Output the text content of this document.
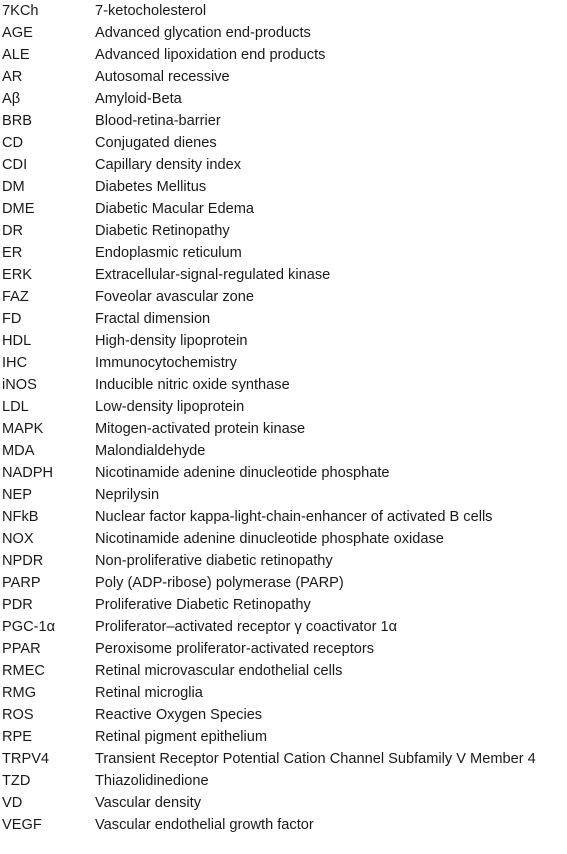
7KCh	7-ketocholesterol
AGE	Advanced glycation end-products
ALE	Advanced lipoxidation end products
AR	Autosomal recessive
Aβ	Amyloid-Beta
BRB	Blood-retina-barrier
CD	Conjugated dienes
CDI	Capillary density index
DM	Diabetes Mellitus
DME	Diabetic Macular Edema
DR	Diabetic Retinopathy
ER	Endoplasmic reticulum
ERK	Extracellular-signal-regulated kinase
FAZ	Foveolar avascular zone
FD	Fractal dimension
HDL	High-density lipoprotein
IHC	Immunocytochemistry
iNOS	Inducible nitric oxide synthase
LDL	Low-density lipoprotein
MAPK	Mitogen-activated protein kinase
MDA	Malondialdehyde
NADPH	Nicotinamide adenine dinucleotide phosphate
NEP	Neprilysin
NFkB	Nuclear factor kappa-light-chain-enhancer of activated B cells
NOX	Nicotinamide adenine dinucleotide phosphate oxidase
NPDR	Non-proliferative diabetic retinopathy
PARP	Poly (ADP-ribose) polymerase (PARP)
PDR	Proliferative Diabetic Retinopathy
PGC-1α	Proliferator–activated receptor γ coactivator 1α
PPAR	Peroxisome proliferator-activated receptors
RMEC	Retinal microvascular endothelial cells
RMG	Retinal microglia
ROS	Reactive Oxygen Species
RPE	Retinal pigment epithelium
TRPV4	Transient Receptor Potential Cation Channel Subfamily V Member 4
TZD	Thiazolidinedione
VD	Vascular density
VEGF	Vascular endothelial growth factor
